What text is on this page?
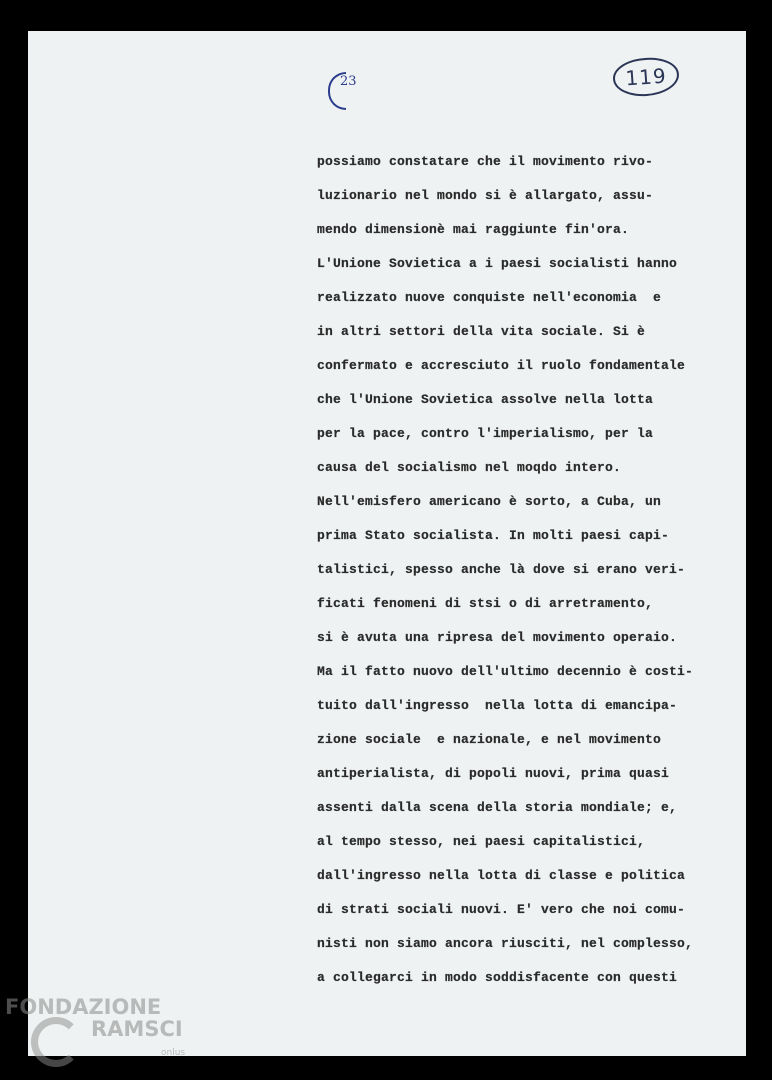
119
23
possiamo constatare che il movimento rivo-
luzionario nel mondo si è allargato, assu-
mendo dimensionè mai raggiunte fin'ora.
L'Unione Sovietica a i paesi socialisti hanno
realizzato nuove conquiste nell'economia  e
in altri settori della vita sociale. Si è
confermato e accresciuto il ruolo fondamentale
che l'Unione Sovietica assolve nella lotta
per la pace, contro l'imperialismo, per la
causa del socialismo nel moqdo intero.
Nell'emisfero americano è sorto, a Cuba, un
prima Stato socialista. In molti paesi capi-
talistici, spesso anche là dove si erano veri-
ficati fenomeni di stsi o di arretramento,
si è avuta una ripresa del movimento operaio.
Ma il fatto nuovo dell'ultimo decennio è costi-
tuito dall'ingresso  nella lotta di emancipa-
zione sociale  e nazionale, e nel movimento
antiperialista, di popoli nuovi, prima quasi
assenti dalla scena della storia mondiale; e,
al tempo stesso, nei paesi capitalistici,
dall'ingresso nella lotta di classe e politica
di strati sociali nuovi. E' vero che noi comu-
nisti non siamo ancora riusciti, nel complesso,
a collegarci in modo soddisfacente con questi
FONDAZIONE
RAMSCI
onlus
